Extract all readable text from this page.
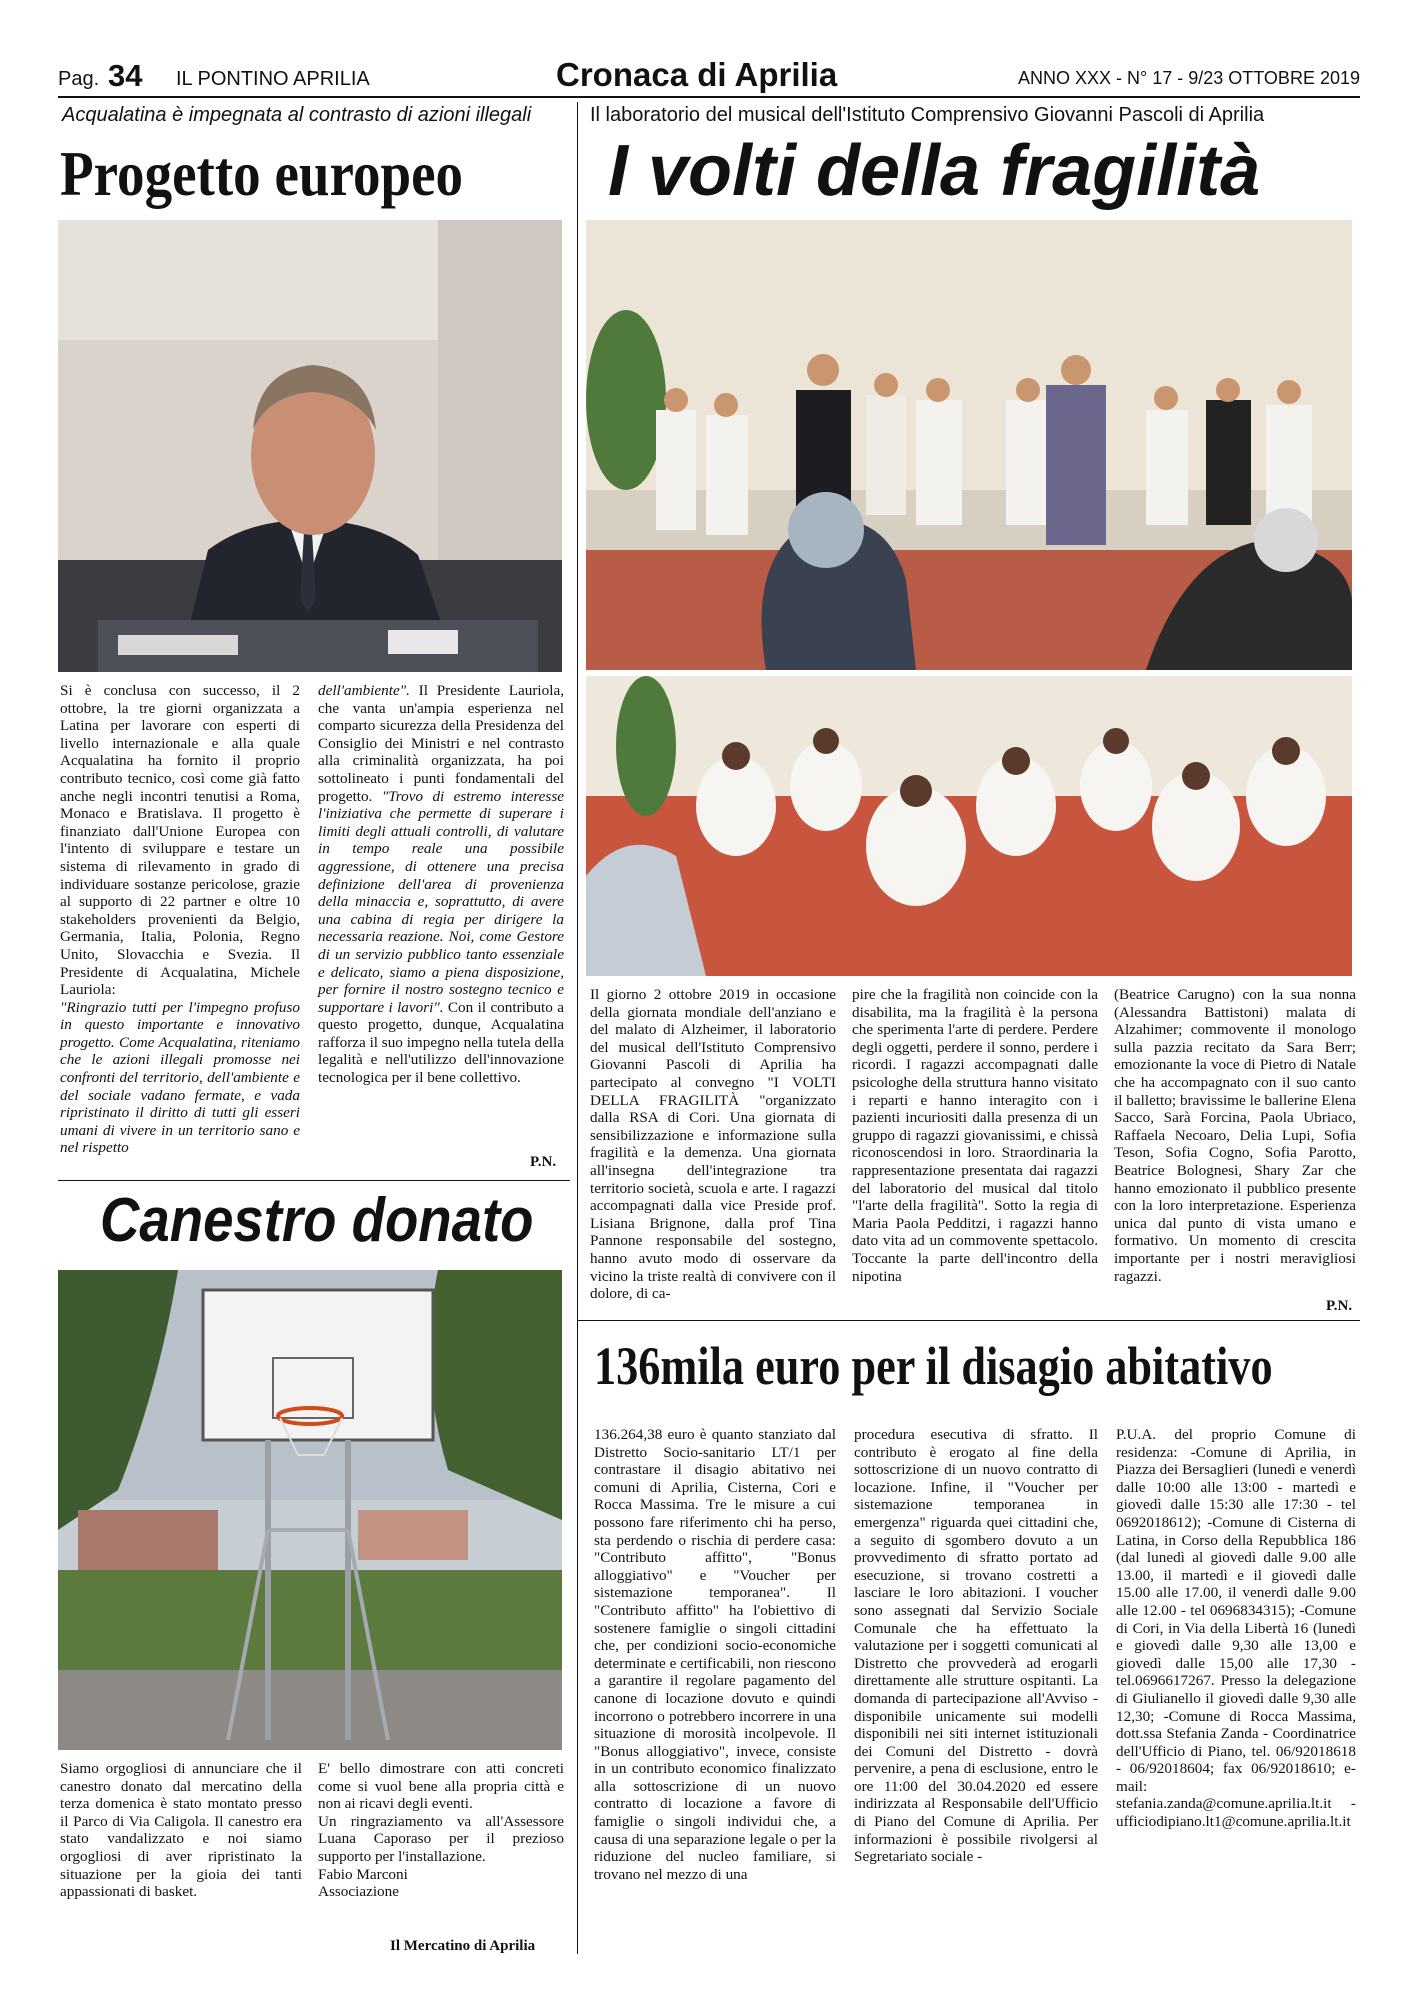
Pag. 34 IL PONTINO APRILIA	Cronaca di Aprilia	ANNO XXX - N° 17 - 9/23 OTTOBRE 2019
Acqualatina è impegnata al contrasto di azioni illegali
Progetto europeo

Si è conclusa con successo, il 2 ottobre, la tre giorni organizzata a Latina per lavorare con esperti di livello internazionale e alla quale Acqualatina ha fornito il proprio contributo tecnico, così come già fatto anche negli incontri tenutisi a Roma, Monaco e Bratislava. Il progetto è finanziato dall'Unione Europea con l'intento di sviluppare e testare un sistema di rilevamento in grado di individuare sostanze pericolose, grazie al supporto di 22 partner e oltre 10 stakeholders provenienti da Belgio, Germania, Italia, Polonia, Regno Unito, Slovacchia e Svezia. Il Presidente di Acqualatina, Michele Lauriola:

"Ringrazio tutti per l'impegno profuso in questo importante e innovativo progetto. Come Acqualatina, riteniamo che le azioni illegali promosse nei confronti del territorio, dell'ambiente e del sociale vadano fermate, e vada ripristinato il diritto di tutti gli esseri umani di vivere in un territorio sano e nel rispetto

dell'ambiente".

Il Presidente Lauriola, che vanta un'ampia esperienza nel comparto sicurezza della Presidenza del Consiglio dei Ministri e nel contrasto alla criminalità organizzata, ha poi sottolineato i punti fondamentali del progetto.

"Trovo di estremo interesse l'iniziativa che permette di superare i limiti degli attuali controlli, di valutare in tempo reale una possibile aggressione, di ottenere una precisa definizione dell'area di provenienza della minaccia e, soprattutto, di avere una cabina di regia per dirigere la necessaria reazione. Noi, come Gestore di un servizio pubblico tanto essenziale e delicato, siamo a piena disposizione, per fornire il nostro sostegno tecnico e supportare i lavori".

Con il contributo a questo progetto, dunque, Acqualatina rafforza il suo impegno nella tutela della legalità e nell'utilizzo dell'innovazione tecnologica per il bene collettivo.

P.N.
Canestro donato
Siamo orgogliosi di annunciare che il canestro donato dal mercatino della terza domenica è stato montato presso il Parco di Via Caligola. Il canestro era stato vandalizzato e noi siamo orgogliosi di aver ripristinato la situazione per la gioia dei tanti appassionati di basket.

E' bello dimostrare con atti concreti come si vuol bene alla propria città e non ai ricavi degli eventi.

Un ringraziamento va all'Assessore Luana Caporaso per il prezioso supporto per l'installazione.

Fabio Marconi

Associazione

Il Mercatino di Aprilia
Il laboratorio del musical dell'Istituto Comprensivo Giovanni Pascoli di Aprilia
I volti della fragilità
Il giorno 2 ottobre 2019 in occasione della giornata mondiale dell'anziano e del malato di Alzheimer, il laboratorio del musical dell'Istituto Comprensivo Giovanni Pascoli di Aprilia ha partecipato al convegno "I VOLTI DELLA FRAGILITÀ "organizzato dalla RSA di Cori. Una giornata di sensibilizzazione e informazione sulla fragilità e la demenza. Una giornata all'insegna dell'integrazione tra territorio società, scuola e arte. I ragazzi accompagnati dalla vice Preside prof. Lisiana Brignone, dalla prof Tina Pannone responsabile del sostegno, hanno avuto modo di osservare da vicino la triste realtà di convivere con il dolore, di ca-
pire che la fragilità non coincide con la disabilita, ma la fragilità è la persona che sperimenta l'arte di perdere. Perdere degli oggetti, perdere il sonno, perdere i ricordi. I ragazzi accompagnati dalle psicologhe della struttura hanno visitato i reparti e hanno interagito con i pazienti incuriositi dalla presenza di un gruppo di ragazzi giovanissimi, e chissà riconoscendosi in loro. Straordinaria la rappresentazione presentata dai ragazzi del laboratorio del musical dal titolo "l'arte della fragilità". Sotto la regia di Maria Paola Pedditzi, i ragazzi hanno dato vita ad un commovente spettacolo. Toccante la parte dell'incontro della nipotina
(Beatrice Carugno) con la sua nonna (Alessandra Battistoni) malata di Alzahimer; commovente il monologo sulla pazzia recitato da Sara Berr; emozionante la voce di Pietro di Natale che ha accompagnato con il suo canto il balletto; bravissime le ballerine Elena Sacco, Sarà Forcina, Paola Ubriaco, Raffaela Necoaro, Delia Lupi, Sofia Teson, Sofia Cogno, Sofia Parotto, Beatrice Bolognesi, Shary Zar che hanno emozionato il pubblico presente con la loro interpretazione. Esperienza unica dal punto di vista umano e formativo. Un momento di crescita importante per i nostri meravigliosi ragazzi.
P.N.
136mila euro per il disagio abitativo
136.264,38 euro è quanto stanziato dal Distretto Socio-sanitario LT/1 per contrastare il disagio abitativo nei comuni di Aprilia, Cisterna, Cori e Rocca Massima. Tre le misure a cui possono fare riferimento chi ha perso, sta perdendo o rischia di perdere casa: "Contributo affitto", "Bonus alloggiativo" e "Voucher per sistemazione temporanea". Il "Contributo affitto" ha l'obiettivo di sostenere famiglie o singoli cittadini che, per condizioni socio-economiche determinate e certificabili, non riescono a garantire il regolare pagamento del canone di locazione dovuto e quindi incorrono o potrebbero incorrere in una situazione di morosità incolpevole. Il "Bonus alloggiativo", invece, consiste in un contributo economico finalizzato alla sottoscrizione di un nuovo contratto di locazione a favore di famiglie o singoli individui che, a causa di una separazione legale o per la riduzione del nucleo familiare, si trovano nel mezzo di una
procedura esecutiva di sfratto. Il contributo è erogato al fine della sottoscrizione di un nuovo contratto di locazione. Infine, il "Voucher per sistemazione temporanea in emergenza" riguarda quei cittadini che, a seguito di sgombero dovuto a un provvedimento di sfratto portato ad esecuzione, si trovano costretti a lasciare le loro abitazioni. I voucher sono assegnati dal Servizio Sociale Comunale che ha effettuato la valutazione per i soggetti comunicati al Distretto che provvederà ad erogarli direttamente alle strutture ospitanti. La domanda di partecipazione all'Avviso - disponibile unicamente sui modelli disponibili nei siti internet istituzionali dei Comuni del Distretto - dovrà pervenire, a pena di esclusione, entro le ore 11:00 del 30.04.2020 ed essere indirizzata al Responsabile dell'Ufficio di Piano del Comune di Aprilia. Per informazioni è possibile rivolgersi al Segretariato sociale -
P.U.A. del proprio Comune di residenza: -Comune di Aprilia, in Piazza dei Bersaglieri (lunedì e venerdì dalle 10:00 alle 13:00 - martedì e giovedì dalle 15:30 alle 17:30 - tel 0692018612); -Comune di Cisterna di Latina, in Corso della Repubblica 186 (dal lunedì al giovedì dalle 9.00 alle 13.00, il martedì e il giovedì dalle 15.00 alle 17.00, il venerdì dalle 9.00 alle 12.00 - tel 0696834315); -Comune di Cori, in Via della Libertà 16 (lunedì e giovedì dalle 9,30 alle 13,00 e giovedì dalle 15,00 alle 17,30 - tel.0696617267. Presso la delegazione di Giulianello il giovedì dalle 9,30 alle 12,30; -Comune di Rocca Massima, dott.ssa Stefania Zanda - Coordinatrice dell'Ufficio di Piano, tel. 06/92018618 - 06/92018604; fax 06/92018610; e-mail: stefania.zanda@comune.aprilia.lt.it - ufficiodipiano.lt1@comune.aprilia.lt.it
